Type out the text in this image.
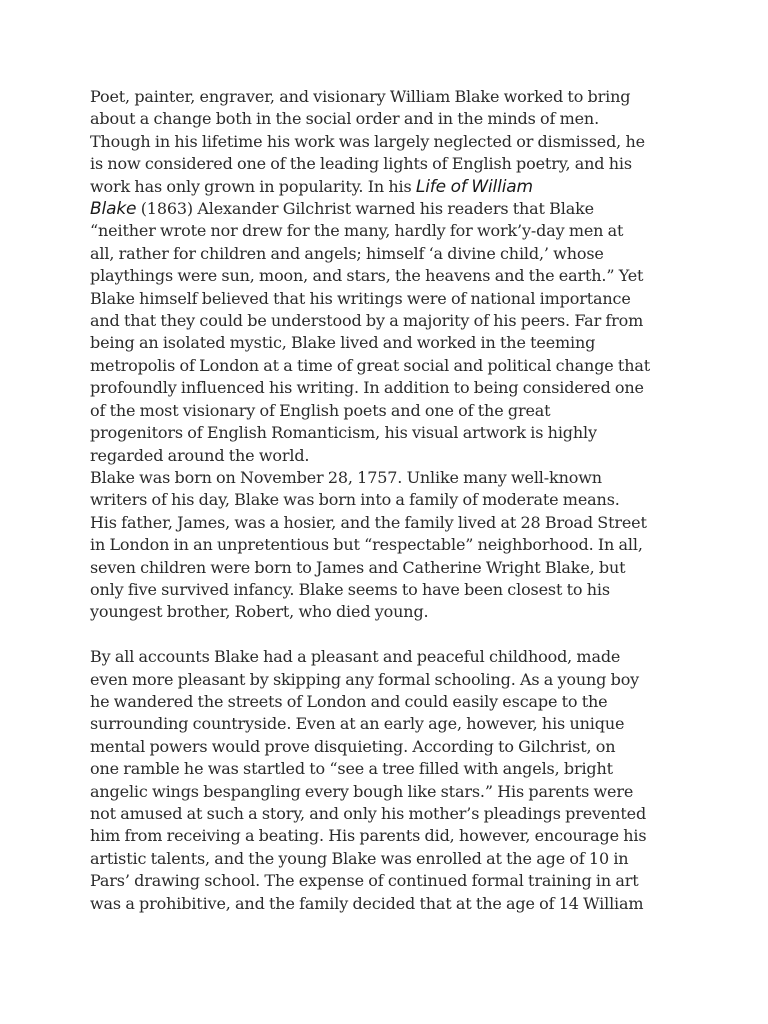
Poet, painter, engraver, and visionary William Blake worked to bring
about a change both in the social order and in the minds of men.
Though in his lifetime his work was largely neglected or dismissed, he
is now considered one of the leading lights of English poetry, and his
work has only grown in popularity. In his Life of William
Blake (1863) Alexander Gilchrist warned his readers that Blake
“neither wrote nor drew for the many, hardly for work’y-day men at
all, rather for children and angels; himself ‘a divine child,’ whose
playthings were sun, moon, and stars, the heavens and the earth.” Yet
Blake himself believed that his writings were of national importance
and that they could be understood by a majority of his peers. Far from
being an isolated mystic, Blake lived and worked in the teeming
metropolis of London at a time of great social and political change that
profoundly influenced his writing. In addition to being considered one
of the most visionary of English poets and one of the great
progenitors of English Romanticism, his visual artwork is highly
regarded around the world.

Blake was born on November 28, 1757. Unlike many well-known
writers of his day, Blake was born into a family of moderate means.
His father, James, was a hosier, and the family lived at 28 Broad Street
in London in an unpretentious but “respectable” neighborhood. In all,
seven children were born to James and Catherine Wright Blake, but
only five survived infancy. Blake seems to have been closest to his
youngest brother, Robert, who died young.

By all accounts Blake had a pleasant and peaceful childhood, made
even more pleasant by skipping any formal schooling. As a young boy
he wandered the streets of London and could easily escape to the
surrounding countryside. Even at an early age, however, his unique
mental powers would prove disquieting. According to Gilchrist, on
one ramble he was startled to “see a tree filled with angels, bright
angelic wings bespangling every bough like stars.” His parents were
not amused at such a story, and only his mother’s pleadings prevented
him from receiving a beating. His parents did, however, encourage his
artistic talents, and the young Blake was enrolled at the age of 10 in
Pars’ drawing school. The expense of continued formal training in art
was a prohibitive, and the family decided that at the age of 14 William
